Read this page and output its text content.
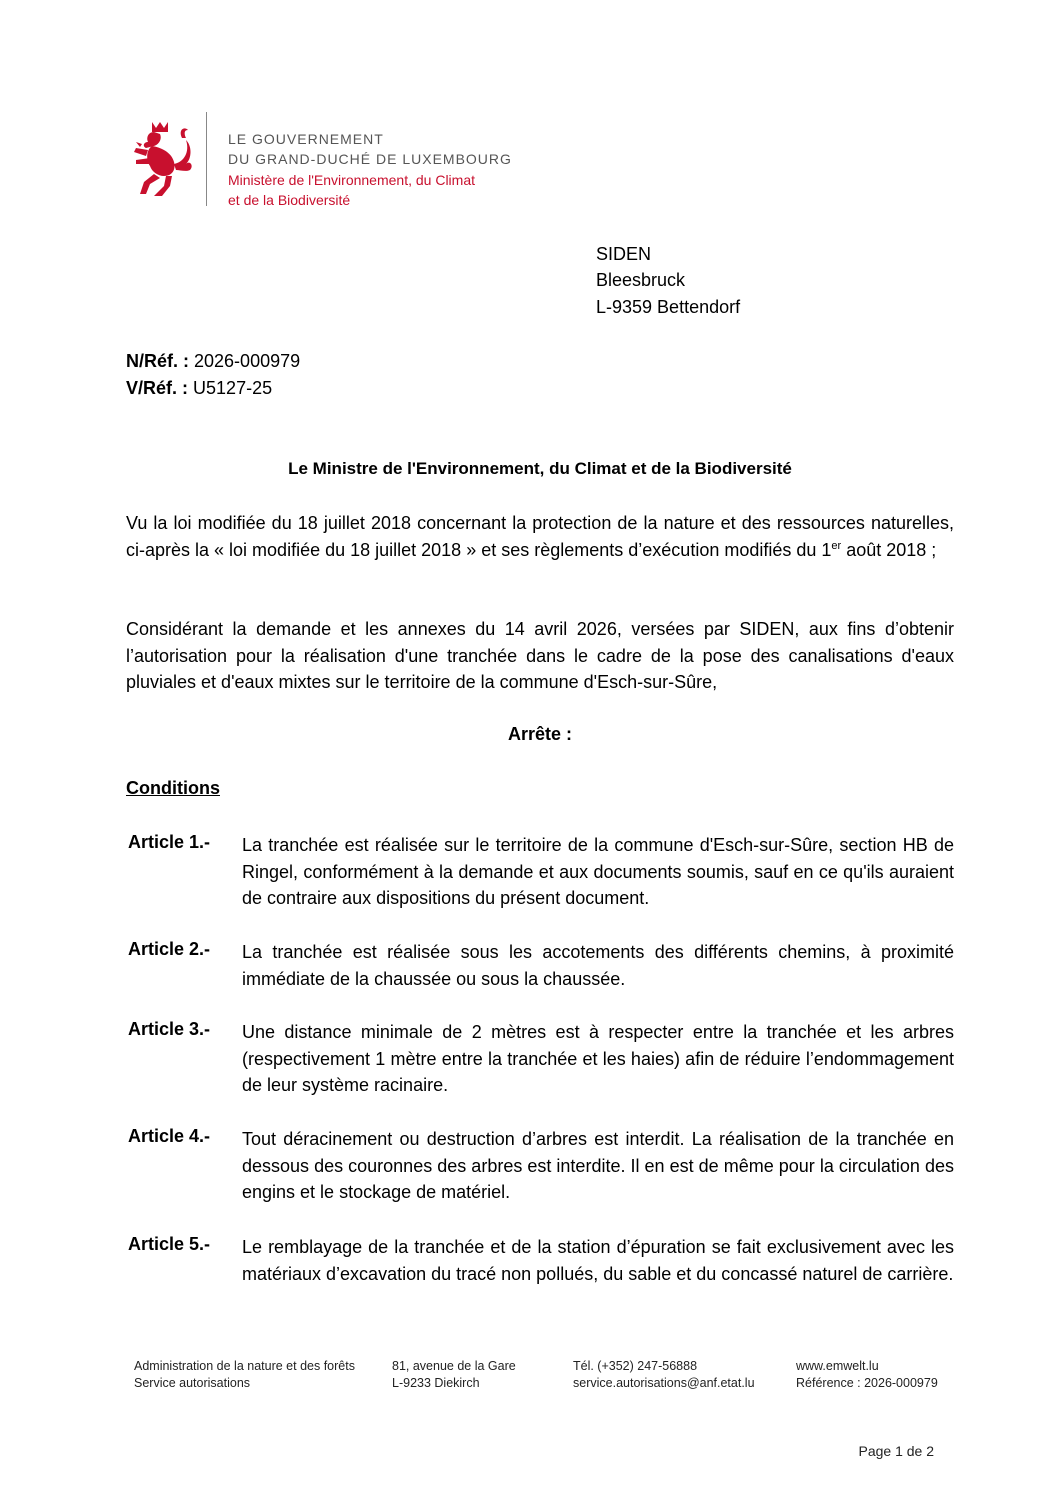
LE GOUVERNEMENT
DU GRAND-DUCHÉ DE LUXEMBOURG
Ministère de l'Environnement, du Climat
et de la Biodiversité
SIDEN
Bleesbruck
L-9359 Bettendorf
N/Réf. : 2026-000979
V/Réf. : U5127-25
Le Ministre de l'Environnement, du Climat et de la Biodiversité
Vu la loi modifiée du 18 juillet 2018 concernant la protection de la nature et des ressources naturelles, ci-après la « loi modifiée du 18 juillet 2018 » et ses règlements d’exécution modifiés du 1er août 2018 ;
Considérant la demande et les annexes du 14 avril 2026, versées par SIDEN, aux fins d’obtenir l’autorisation pour la réalisation d'une tranchée dans le cadre de la pose des canalisations d'eaux pluviales et d'eaux mixtes sur le territoire de la commune d'Esch-sur-Sûre,
Arrête :
Conditions
Article 1.- La tranchée est réalisée sur le territoire de la commune d'Esch-sur-Sûre, section HB de Ringel, conformément à la demande et aux documents soumis, sauf en ce qu'ils auraient de contraire aux dispositions du présent document.
Article 2.- La tranchée est réalisée sous les accotements des différents chemins, à proximité immédiate de la chaussée ou sous la chaussée.
Article 3.- Une distance minimale de 2 mètres est à respecter entre la tranchée et les arbres (respectivement 1 mètre entre la tranchée et les haies) afin de réduire l’endommagement de leur système racinaire.
Article 4.- Tout déracinement ou destruction d’arbres est interdit. La réalisation de la tranchée en dessous des couronnes des arbres est interdite. Il en est de même pour la circulation des engins et le stockage de matériel.
Article 5.- Le remblayage de la tranchée et de la station d’épuration se fait exclusivement avec les matériaux d’excavation du tracé non pollués, du sable et du concassé naturel de carrière.
Administration de la nature et des forêts
Service autorisations
81, avenue de la Gare
L-9233 Diekirch
Tél. (+352) 247-56888
service.autorisations@anf.etat.lu
www.emwelt.lu
Référence : 2026-000979
Page 1 de 2
